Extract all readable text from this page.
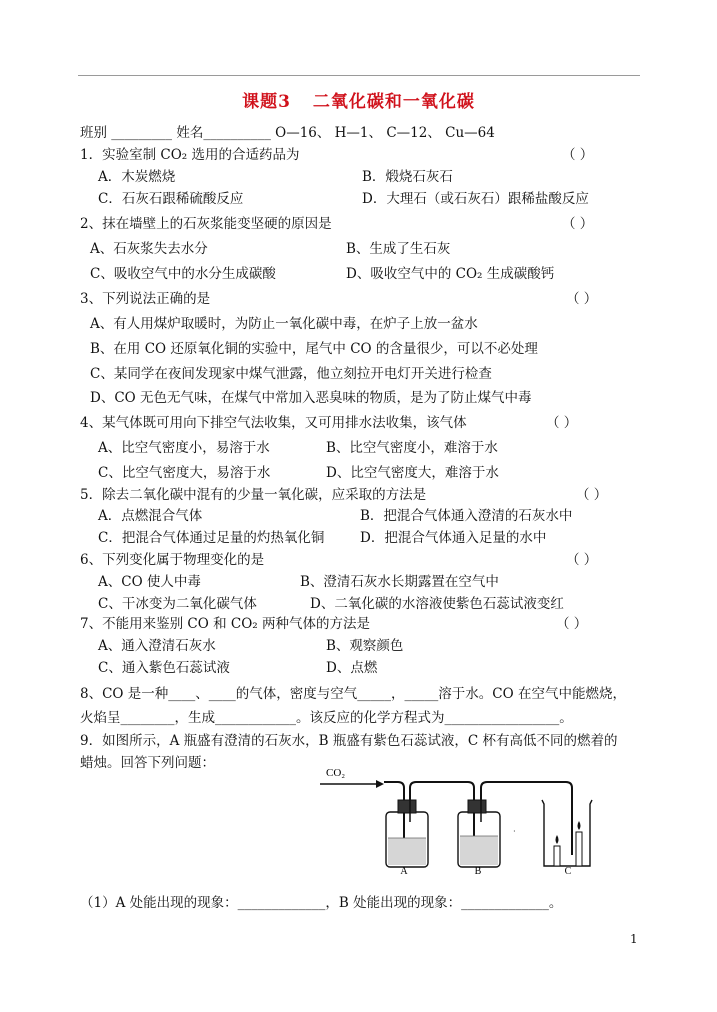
课题3 二氧化碳和一氧化碳
班别 _________ 姓名__________ O—16、 H—1、 C—12、 Cu—64
1．实验室制 CO₂ 选用的合适药品为	（ ）
A．木炭燃烧	B．煅烧石灰石
C．石灰石跟稀硫酸反应	D．大理石（或石灰石）跟稀盐酸反应
2、抹在墙壁上的石灰浆能变坚硬的原因是	（ ）
A、石灰浆失去水分	B、生成了生石灰
C、吸收空气中的水分生成碳酸	D、吸收空气中的 CO₂ 生成碳酸钙
3、下列说法正确的是	（ ）
A、有人用煤炉取暖时，为防止一氧化碳中毒，在炉子上放一盆水
B、在用 CO 还原氧化铜的实验中，尾气中 CO 的含量很少，可以不必处理
C、某同学在夜间发现家中煤气泄露，他立刻拉开电灯开关进行检查
D、CO 无色无气味，在煤气中常加入恶臭味的物质，是为了防止煤气中毒
4、某气体既可用向下排空气法收集，又可用排水法收集，该气体	（ ）
A、比空气密度小，易溶于水	B、比空气密度小，难溶于水
C、比空气密度大，易溶于水	D、比空气密度大，难溶于水
5．除去二氧化碳中混有的少量一氧化碳，应采取的方法是	（ ）
A．点燃混合气体	B．把混合气体通入澄清的石灰水中
C．把混合气体通过足量的灼热氧化铜	D．把混合气体通入足量的水中
6、下列变化属于物理变化的是	（ ）
A、CO 使人中毒	B、澄清石灰水长期露置在空气中
C、干冰变为二氧化碳气体	D、二氧化碳的水溶液使紫色石蕊试液变红
7、不能用来鉴别 CO 和 CO₂ 两种气体的方法是	（ ）
A、通入澄清石灰水	B、观察颜色
C、通入紫色石蕊试液	D、点燃
8、CO 是一种____、____的气体，密度与空气_____，_____溶于水。CO 在空气中能燃烧，
火焰呈________，生成____________。该反应的化学方程式为_________________。
9．如图所示，A 瓶盛有澄清的石灰水，B 瓶盛有紫色石蕊试液，C 杯有高低不同的燃着的
蜡烛。回答下列问题：
CO₂
·
A	B	C
（1）A 处能出现的现象：_____________，B 处能出现的现象：_____________。
1
